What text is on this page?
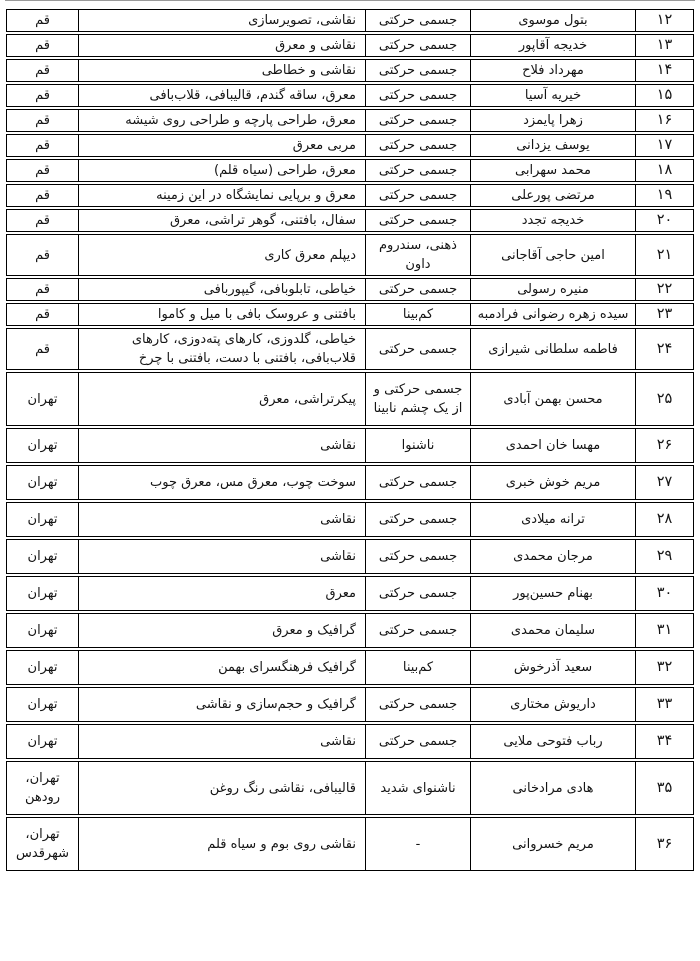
۱۲	بتول موسوی	جسمی حرکتی	نقاشی، تصویرسازی	قم
۱۳	خدیجه آقاپور	جسمی حرکتی	نقاشی و معرق	قم
۱۴	مهرداد فلاح	جسمی حرکتی	نقاشی و خطاطی	قم
۱۵	خیریه آسیا	جسمی حرکتی	معرق، ساقه گندم، قالیبافی، قلاب‌بافی	قم
۱۶	زهرا پایمزد	جسمی حرکتی	معرق، طراحی پارچه و طراحی روی شیشه	قم
۱۷	یوسف یزدانی	جسمی حرکتی	مربی معرق	قم
۱۸	محمد سهرابی	جسمی حرکتی	معرق، طراحی (سیاه قلم)	قم
۱۹	مرتضی پورعلی	جسمی حرکتی	معرق و برپایی نمایشگاه در این زمینه	قم
۲۰	خدیجه تجدد	جسمی حرکتی	سفال، بافتنی، گوهر تراشی، معرق	قم
۲۱	امین حاجی آقاجانی	ذهنی، سندروم داون	دیپلم معرق کاری	قم
۲۲	منیره رسولی	جسمی حرکتی	خیاطی، تابلوبافی، گیپوربافی	قم
۲۳	سیده زهره رضوانی فرادمبه	کم‌بینا	بافتنی و عروسک بافی با میل و کاموا	قم
۲۴	فاطمه سلطانی شیرازی	جسمی حرکتی	خیاطی، گلدوزی، کارهای پته‌دوزی، کارهای قلاب‌بافی، بافتنی با دست، بافتنی با چرخ	قم
۲۵	محسن بهمن آبادی	جسمی حرکتی و از یک چشم نابینا	پیکرتراشی، معرق	تهران
۲۶	مهسا خان احمدی	ناشنوا	نقاشی	تهران
۲۷	مریم خوش خبری	جسمی حرکتی	سوخت چوب، معرق مس، معرق چوب	تهران
۲۸	ترانه میلادی	جسمی حرکتی	نقاشی	تهران
۲۹	مرجان محمدی	جسمی حرکتی	نقاشی	تهران
۳۰	بهنام حسین‌پور	جسمی حرکتی	معرق	تهران
۳۱	سلیمان محمدی	جسمی حرکتی	گرافیک و معرق	تهران
۳۲	سعید آذرخوش	کم‌بینا	گرافیک فرهنگسرای بهمن	تهران
۳۳	داریوش مختاری	جسمی حرکتی	گرافیک و حجم‌سازی و نقاشی	تهران
۳۴	رباب فتوحی ملایی	جسمی حرکتی	نقاشی	تهران
۳۵	هادی مرادخانی	ناشنوای شدید	قالیبافی، نقاشی رنگ روغن	تهران، رودهن
۳۶	مریم خسروانی	-	نقاشی روی بوم و سیاه قلم	تهران، شهرقدس
